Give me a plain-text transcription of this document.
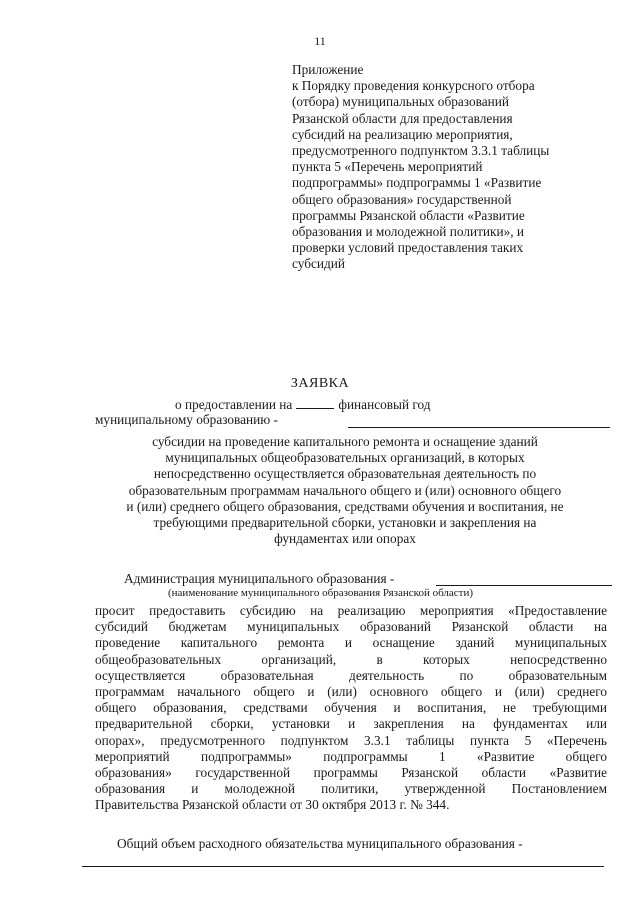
11
Приложение
к Порядку проведения конкурсного отбора
(отбора) муниципальных образований
Рязанской области для предоставления
субсидий на реализацию мероприятия,
предусмотренного подпунктом 3.3.1 таблицы
пункта 5 «Перечень мероприятий
подпрограммы» подпрограммы 1 «Развитие
общего образования» государственной
программы Рязанской области «Развитие
образования и молодежной политики», и
проверки условий предоставления таких
субсидий
ЗАЯВКА
о предоставлении на	финансовый год
муниципальному образованию -
субсидии на проведение капитального ремонта и оснащение зданий
муниципальных общеобразовательных организаций, в которых
непосредственно осуществляется образовательная деятельность по
образовательным программам начального общего и (или) основного общего
и (или) среднего общего образования, средствами обучения и воспитания, не
требующими предварительной сборки, установки и закрепления на
фундаментах или опорах
Администрация муниципального образования -
(наименование муниципального образования Рязанской области)
просит предоставить субсидию на реализацию мероприятия «Предоставление
субсидий бюджетам муниципальных образований Рязанской области на
проведение капитального ремонта и оснащение зданий муниципальных
общеобразовательных организаций, в которых непосредственно
осуществляется образовательная деятельность по образовательным
программам начального общего и (или) основного общего и (или) среднего
общего образования, средствами обучения и воспитания, не требующими
предварительной сборки, установки и закрепления на фундаментах или
опорах», предусмотренного подпунктом 3.3.1 таблицы пункта 5 «Перечень
мероприятий подпрограммы» подпрограммы 1 «Развитие общего
образования» государственной программы Рязанской области «Развитие
образования и молодежной политики, утвержденной Постановлением
Правительства Рязанской области от 30 октября 2013 г. № 344.
Общий объем расходного обязательства муниципального образования -
